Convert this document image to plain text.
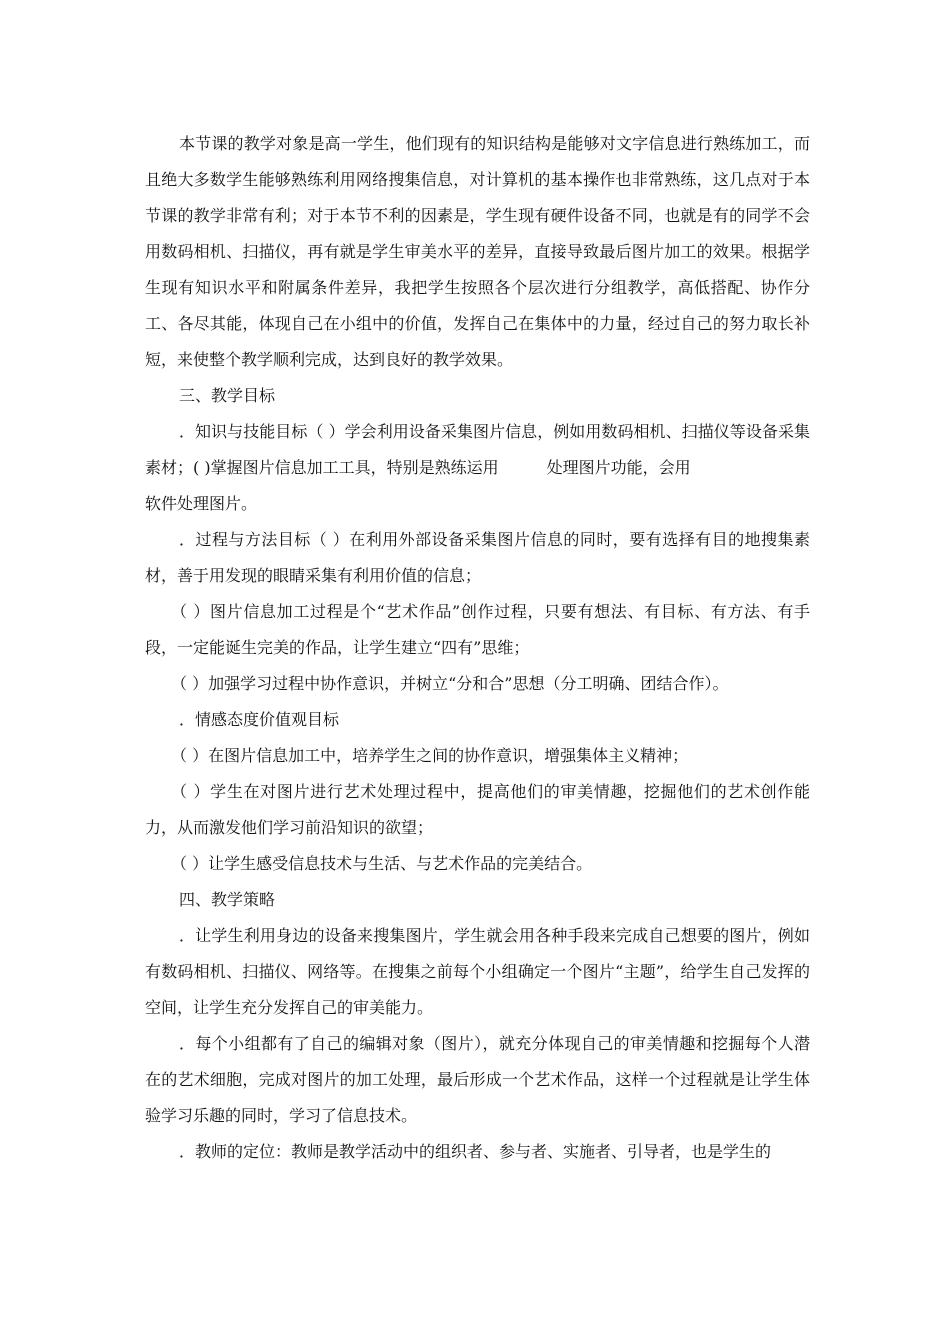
本节课的教学对象是高一学生，他们现有的知识结构是能够对文字信息进行熟练加工，而且绝大多数学生能够熟练利用网络搜集信息，对计算机的基本操作也非常熟练，这几点对于本节课的教学非常有利；对于本节不利的因素是，学生现有硬件设备不同，也就是有的同学不会用数码相机、扫描仪，再有就是学生审美水平的差异，直接导致最后图片加工的效果。根据学生现有知识水平和附属条件差异，我把学生按照各个层次进行分组教学，高低搭配、协作分工、各尽其能，体现自己在小组中的价值，发挥自己在集体中的力量，经过自己的努力取长补短，来使整个教学顺利完成，达到良好的教学效果。

三、教学目标

．知识与技能目标（ ）学会利用设备采集图片信息，例如用数码相机、扫描仪等设备采集素材；( )掌握图片信息加工工具，特别是熟练运用　　　处理图片功能，会用
软件处理图片。

．过程与方法目标（ ）在利用外部设备采集图片信息的同时，要有选择有目的地搜集素材，善于用发现的眼睛采集有利用价值的信息；

（ ）图片信息加工过程是个“艺术作品”创作过程，只要有想法、有目标、有方法、有手段，一定能诞生完美的作品，让学生建立“四有”思维；

（ ）加强学习过程中协作意识，并树立“分和合”思想（分工明确、团结合作）。

．情感态度价值观目标

（ ）在图片信息加工中，培养学生之间的协作意识，增强集体主义精神；

（ ）学生在对图片进行艺术处理过程中，提高他们的审美情趣，挖掘他们的艺术创作能力，从而激发他们学习前沿知识的欲望；

（ ）让学生感受信息技术与生活、与艺术作品的完美结合。

四、教学策略

．让学生利用身边的设备来搜集图片，学生就会用各种手段来完成自己想要的图片，例如有数码相机、扫描仪、网络等。在搜集之前每个小组确定一个图片“主题”，给学生自己发挥的空间，让学生充分发挥自己的审美能力。

．每个小组都有了自己的编辑对象（图片），就充分体现自己的审美情趣和挖掘每个人潜在的艺术细胞，完成对图片的加工处理，最后形成一个艺术作品，这样一个过程就是让学生体验学习乐趣的同时，学习了信息技术。

．教师的定位：教师是教学活动中的组织者、参与者、实施者、引导者，也是学生的
